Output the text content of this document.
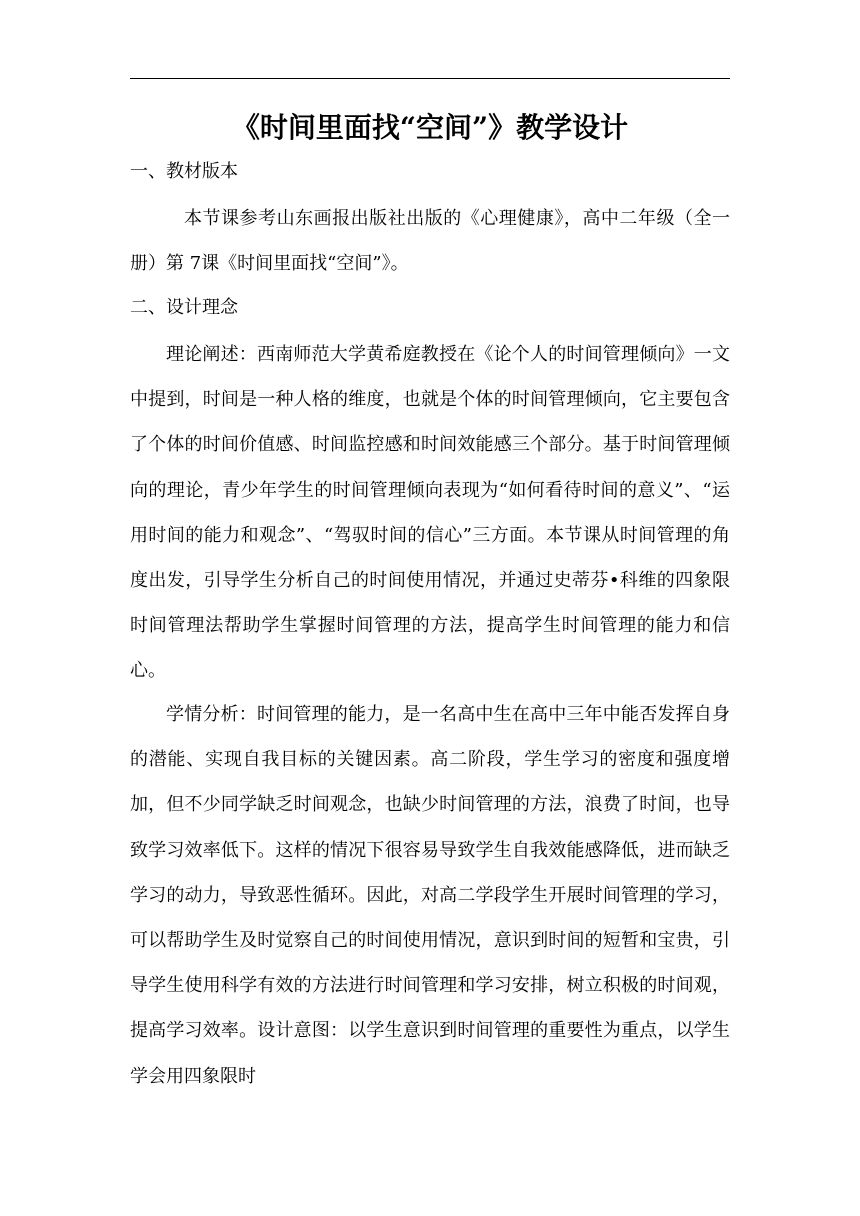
《时间里面找“空间”》教学设计
一、教材版本

本节课参考山东画报出版社出版的《心理健康》，高中二年级（全一册）第 7课《时间里面找“空间”》。

二、设计理念

理论阐述：西南师范大学黄希庭教授在《论个人的时间管理倾向》一文中提到，时间是一种人格的维度，也就是个体的时间管理倾向，它主要包含了个体的时间价值感、时间监控感和时间效能感三个部分。基于时间管理倾向的理论，青少年学生的时间管理倾向表现为“如何看待时间的意义”、“运用时间的能力和观念”、“驾驭时间的信心”三方面。本节课从时间管理的角度出发，引导学生分析自己的时间使用情况，并通过史蒂芬•科维的四象限时间管理法帮助学生掌握时间管理的方法，提高学生时间管理的能力和信心。

学情分析：时间管理的能力，是一名高中生在高中三年中能否发挥自身的潜能、实现自我目标的关键因素。高二阶段，学生学习的密度和强度增加，但不少同学缺乏时间观念，也缺少时间管理的方法，浪费了时间，也导致学习效率低下。这样的情况下很容易导致学生自我效能感降低，进而缺乏学习的动力，导致恶性循环。因此，对高二学段学生开展时间管理的学习，可以帮助学生及时觉察自己的时间使用情况，意识到时间的短暂和宝贵，引导学生使用科学有效的方法进行时间管理和学习安排，树立积极的时间观，提高学习效率。设计意图：以学生意识到时间管理的重要性为重点，以学生学会用四象限时
